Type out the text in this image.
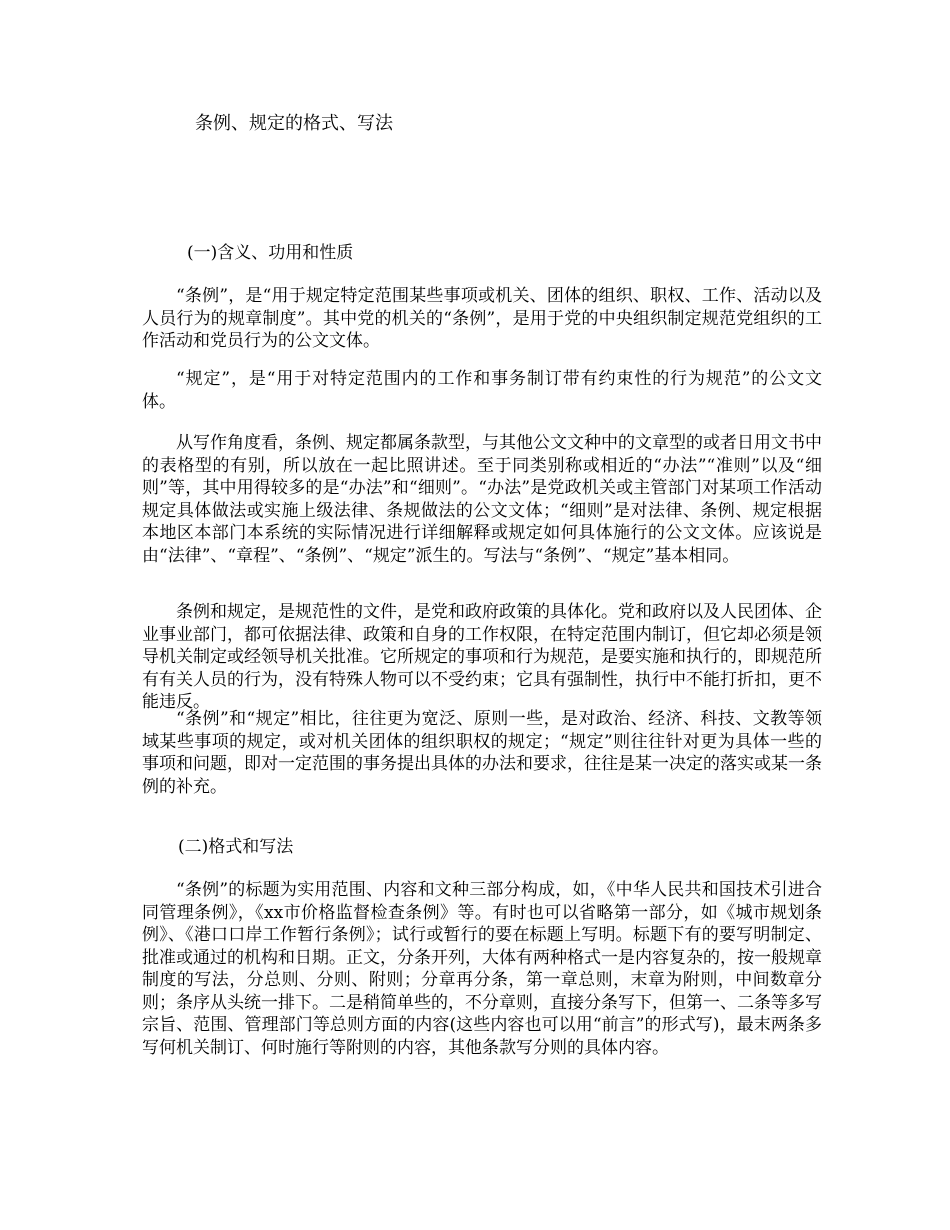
条例、规定的格式、写法
(一)含义、功用和性质

“条例”，是“用于规定特定范围某些事项或机关、团体的组织、职权、工作、活动以及人员行为的规章制度”。其中党的机关的“条例”，是用于党的中央组织制定规范党组织的工作活动和党员行为的公文文体。

“规定”，是“用于对特定范围内的工作和事务制订带有约束性的行为规范”的公文文体。

从写作角度看，条例、规定都属条款型，与其他公文文种中的文章型的或者日用文书中的表格型的有别，所以放在一起比照讲述。至于同类别称或相近的“办法”“准则”以及“细则”等，其中用得较多的是“办法”和“细则”。“办法”是党政机关或主管部门对某项工作活动规定具体做法或实施上级法律、条规做法的公文文体；“细则”是对法律、条例、规定根据本地区本部门本系统的实际情况进行详细解释或规定如何具体施行的公文文体。应该说是由“法律”、“章程”、“条例”、“规定”派生的。写法与“条例”、“规定”基本相同。

条例和规定，是规范性的文件，是党和政府政策的具体化。党和政府以及人民团体、企业事业部门，都可依据法律、政策和自身的工作权限，在特定范围内制订，但它却必须是领导机关制定或经领导机关批准。它所规定的事项和行为规范，是要实施和执行的，即规范所有有关人员的行为，没有特殊人物可以不受约束；它具有强制性，执行中不能打折扣，更不能违反。

“条例”和“规定”相比，往往更为宽泛、原则一些，是对政治、经济、科技、文教等领域某些事项的规定，或对机关团体的组织职权的规定；“规定”则往往针对更为具体一些的事项和问题，即对一定范围的事务提出具体的办法和要求，往往是某一决定的落实或某一条例的补充。

(二)格式和写法

“条例”的标题为实用范围、内容和文种三部分构成，如，《中华人民共和国技术引进合同管理条例》，《xx市价格监督检查条例》等。有时也可以省略第一部分，如《城市规划条例》、《港口口岸工作暂行条例》；试行或暂行的要在标题上写明。标题下有的要写明制定、批准或通过的机构和日期。正文，分条开列，大体有两种格式一是内容复杂的，按一般规章制度的写法，分总则、分则、附则；分章再分条，第一章总则，末章为附则，中间数章分则；条序从头统一排下。二是稍简单些的，不分章则，直接分条写下，但第一、二条等多写宗旨、范围、管理部门等总则方面的内容(这些内容也可以用“前言”的形式写)，最末两条多写何机关制订、何时施行等附则的内容，其他条款写分则的具体内容。
